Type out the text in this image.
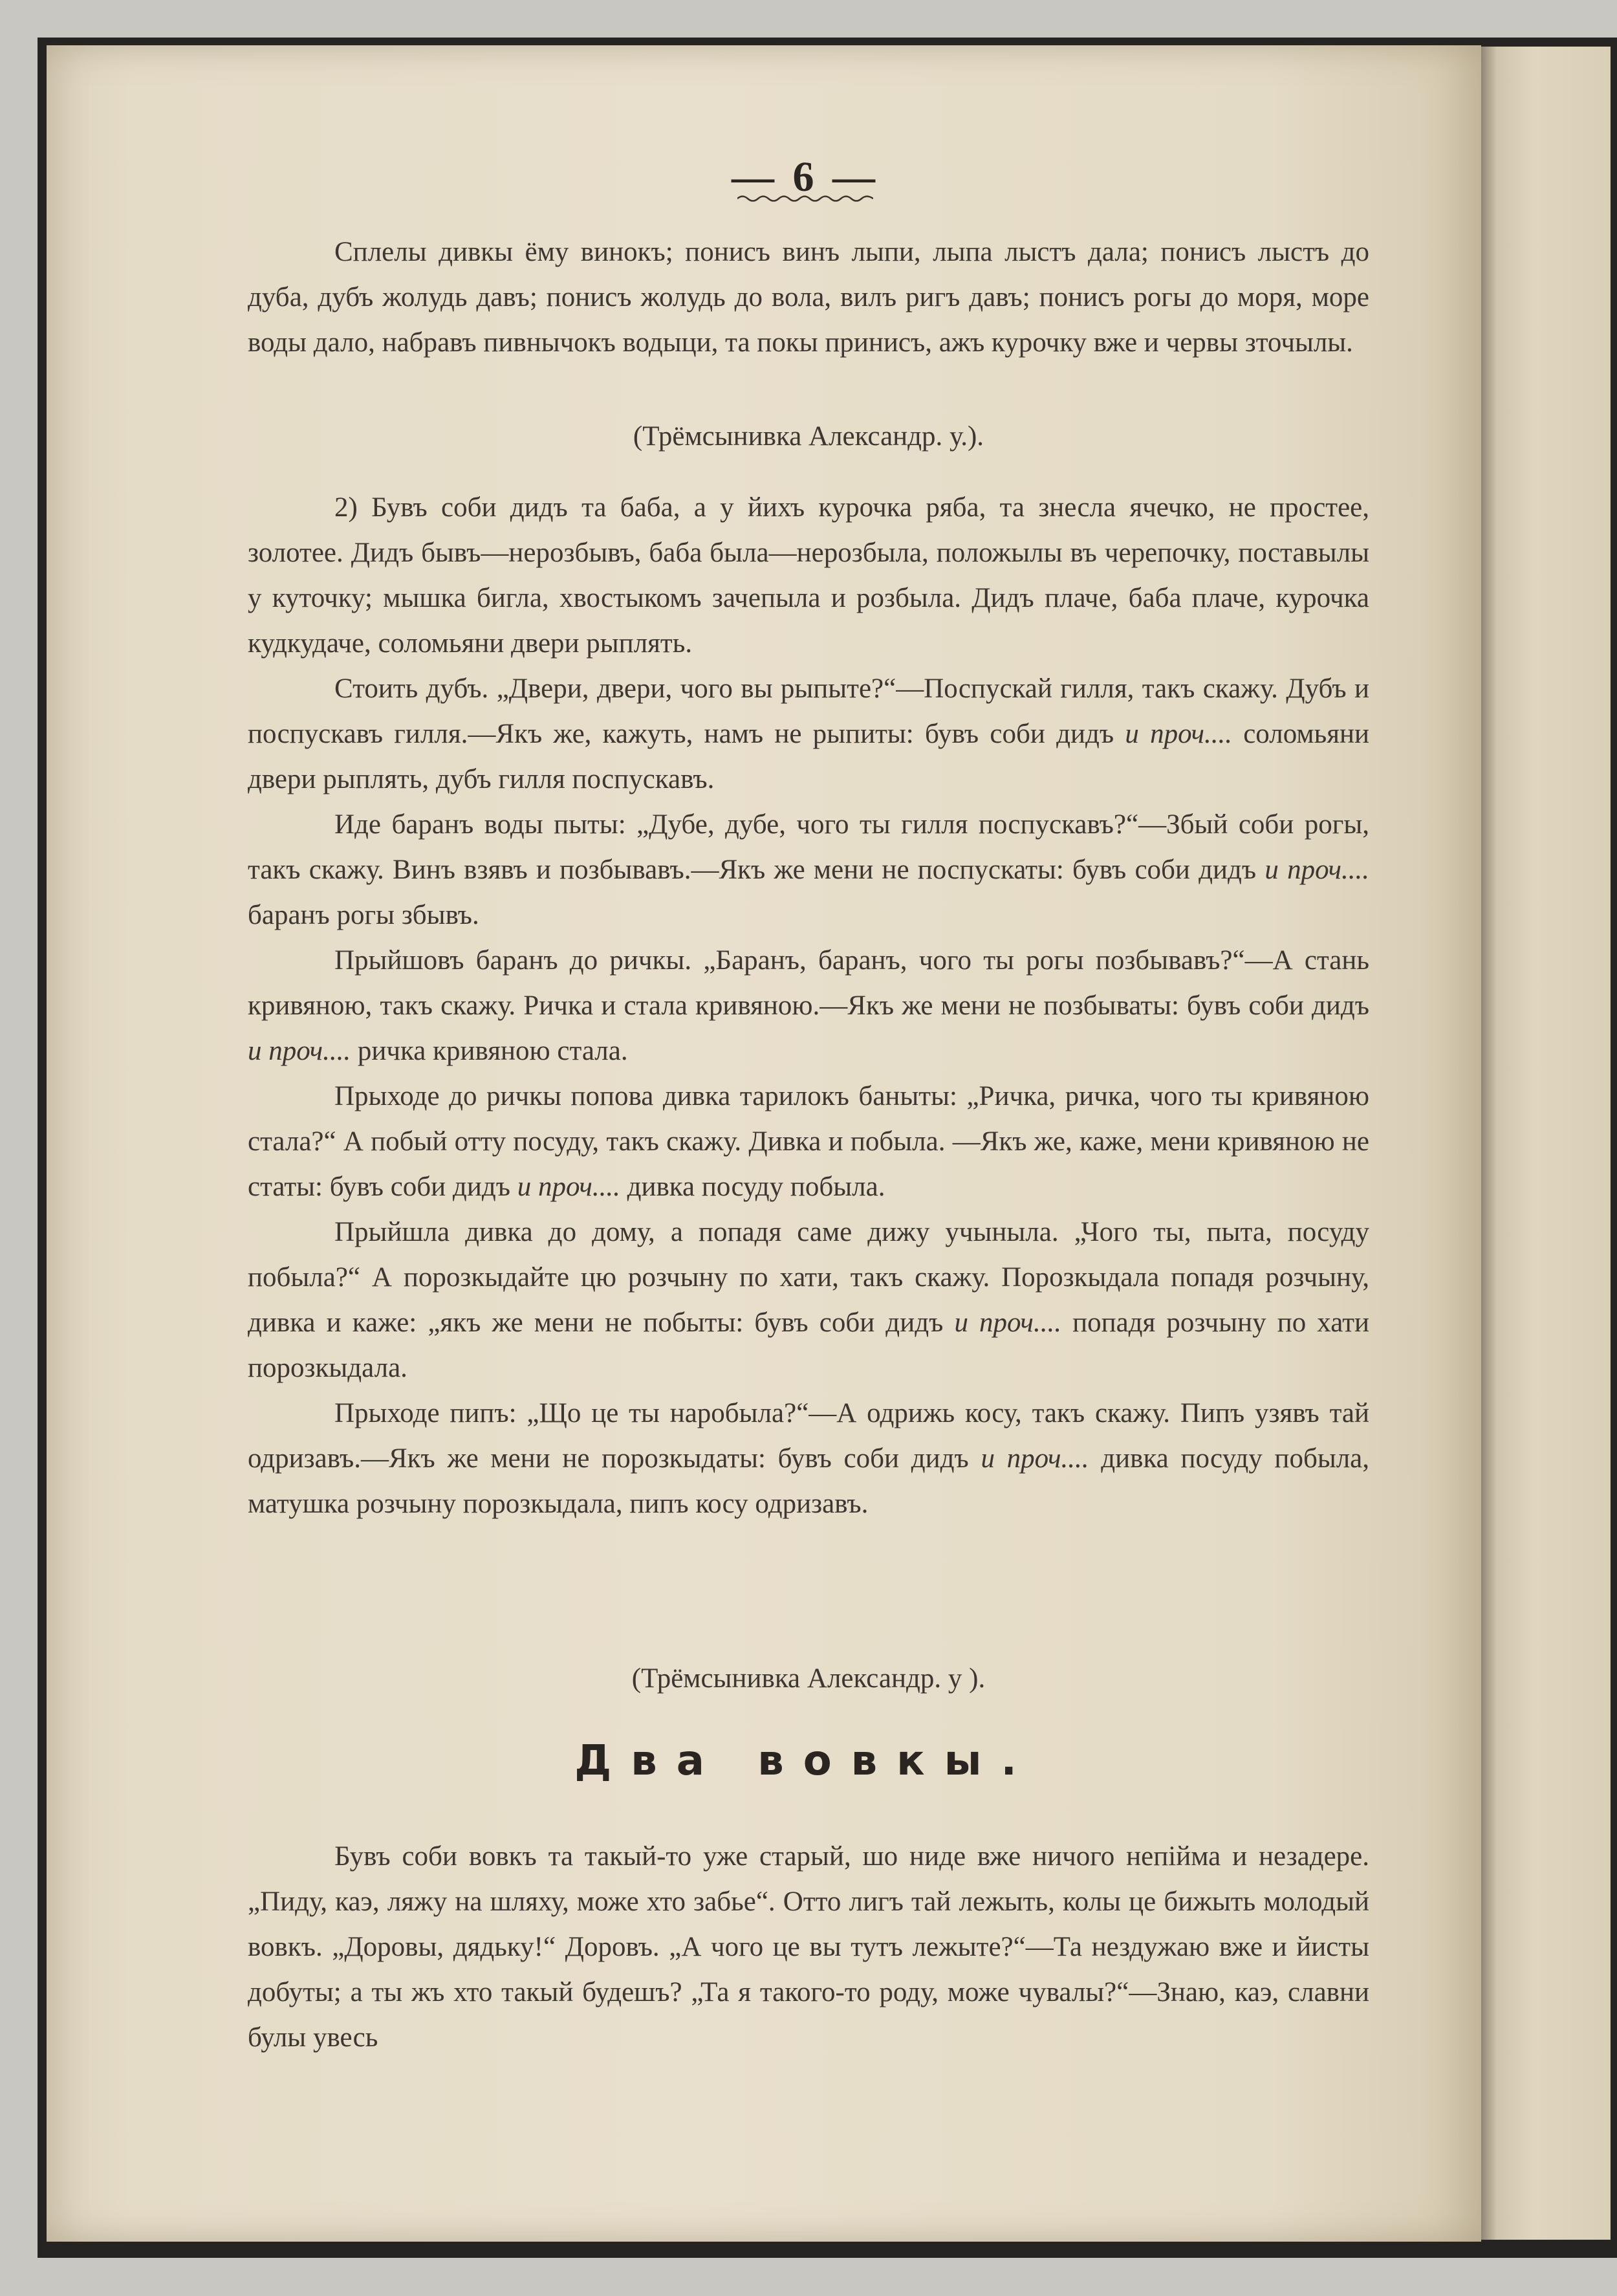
— 6 —

Сплелы дивкы ёму винокъ; понисъ винъ лыпи, лыпа лыстъ дала; понисъ лыстъ до дуба, дубъ жолудь давъ; понисъ жолудь до вола, вилъ ригъ давъ; понисъ рогы до моря, море воды дало, набравъ пивнычокъ водыци, та покы принисъ, ажъ курочку вже и червы зточылы.

(Трёмсынивка Александр. у.).

2) Бувъ соби дидъ та баба, а у йихъ курочка ряба, та знесла ячечко, не простее, золотее. Дидъ бывъ—нерозбывъ, баба была—нерозбыла, положылы въ черепочку, поставылы у куточку; мышка бигла, хвостыкомъ зачепыла и розбыла. Дидъ плаче, баба плаче, курочка кудкудаче, соломьяни двери рыплять.

Стоить дубъ. „Двери, двери, чого вы рыпыте?“—Поспускай гилля, такъ скажу. Дубъ и поспускавъ гилля.—Якъ же, кажуть, намъ не рыпиты: бувъ соби дидъ и проч.... соломьяни двери рыплять, дубъ гилля поспускавъ.

Иде баранъ воды пыты: „Дубе, дубе, чого ты гилля поспускавъ?“—Збый соби рогы, такъ скажу. Винъ взявъ и позбывавъ.—Якъ же мени не поспускаты: бувъ соби дидъ и проч.... баранъ рогы збывъ.

Прыйшовъ баранъ до ричкы. „Баранъ, баранъ, чого ты рогы позбывавъ?“—А стань кривяною, такъ скажу. Ричка и стала кривяною.—Якъ же мени не позбываты: бувъ соби дидъ и проч.... ричка кривяною стала.

Прыходе до ричкы попова дивка тарилокъ баныты: „Ричка, ричка, чого ты кривяною стала?“ А побый отту посуду, такъ скажу. Дивка и побыла. —Якъ же, каже, мени кривяною не статы: бувъ соби дидъ и проч.... дивка посуду побыла.

Прыйшла дивка до дому, а попадя саме дижу учыныла. „Чого ты, пыта, посуду побыла?“ А порозкыдайте цю розчыну по хати, такъ скажу. Порозкыдала попадя розчыну, дивка и каже: „якъ же мени не побыты: бувъ соби дидъ и проч.... попадя розчыну по хати порозкыдала.

Прыходе пипъ: „Що це ты наробыла?“—А одрижь косу, такъ скажу. Пипъ узявъ тай одризавъ.—Якъ же мени не порозкыдаты: бувъ соби дидъ и проч.... дивка посуду побыла, матушка розчыну порозкыдала, пипъ косу одризавъ.

(Трёмсынивка Александр. у ).
Два вовкы.

Бувъ соби вовкъ та такый-то уже старый, шо ниде вже ничого непiйма и незадере. „Пиду, каэ, ляжу на шляху, може хто забье“. Отто лигъ тай лежыть, колы це бижыть молодый вовкъ. „Доровы, дядьку!“ Доровъ. „А чого це вы тутъ лежыте?“—Та нездужаю вже и йисты добуты; а ты жъ хто такый будешъ? „Та я такого-то роду, може чувалы?“—Знаю, каэ, славни булы увесь
